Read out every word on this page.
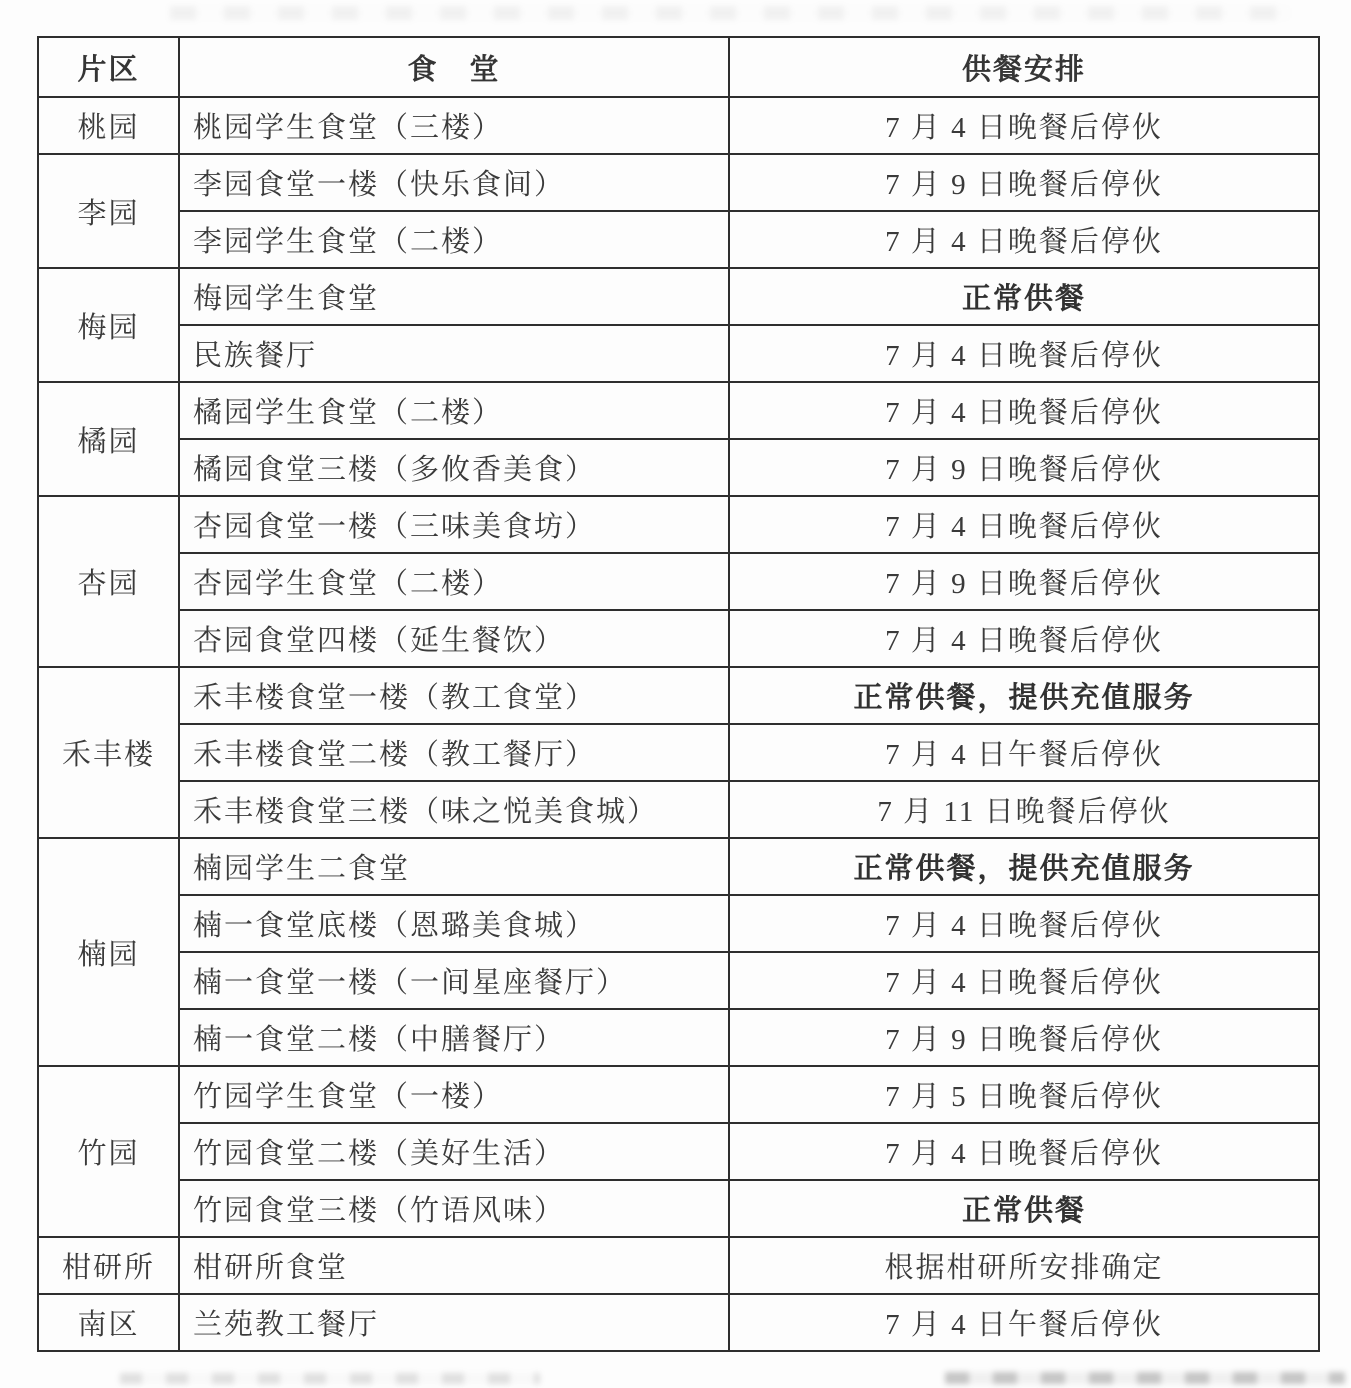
片区	食　堂	供餐安排
桃园	桃园学生食堂（三楼）	7 月 4 日晚餐后停伙
李园	李园食堂一楼（快乐食间）	7 月 9 日晚餐后停伙
	李园学生食堂（二楼）	7 月 4 日晚餐后停伙
梅园	梅园学生食堂	正常供餐
	民族餐厅	7 月 4 日晚餐后停伙
橘园	橘园学生食堂（二楼）	7 月 4 日晚餐后停伙
	橘园食堂三楼（多攸香美食）	7 月 9 日晚餐后停伙
杏园	杏园食堂一楼（三味美食坊）	7 月 4 日晚餐后停伙
	杏园学生食堂（二楼）	7 月 9 日晚餐后停伙
	杏园食堂四楼（延生餐饮）	7 月 4 日晚餐后停伙
禾丰楼	禾丰楼食堂一楼（教工食堂）	正常供餐，提供充值服务
	禾丰楼食堂二楼（教工餐厅）	7 月 4 日午餐后停伙
	禾丰楼食堂三楼（味之悦美食城）	7 月 11 日晚餐后停伙
楠园	楠园学生二食堂	正常供餐，提供充值服务
	楠一食堂底楼（恩璐美食城）	7 月 4 日晚餐后停伙
	楠一食堂一楼（一间星座餐厅）	7 月 4 日晚餐后停伙
	楠一食堂二楼（中膳餐厅）	7 月 9 日晚餐后停伙
竹园	竹园学生食堂（一楼）	7 月 5 日晚餐后停伙
	竹园食堂二楼（美好生活）	7 月 4 日晚餐后停伙
	竹园食堂三楼（竹语风味）	正常供餐
柑研所	柑研所食堂	根据柑研所安排确定
南区	兰苑教工餐厅	7 月 4 日午餐后停伙
